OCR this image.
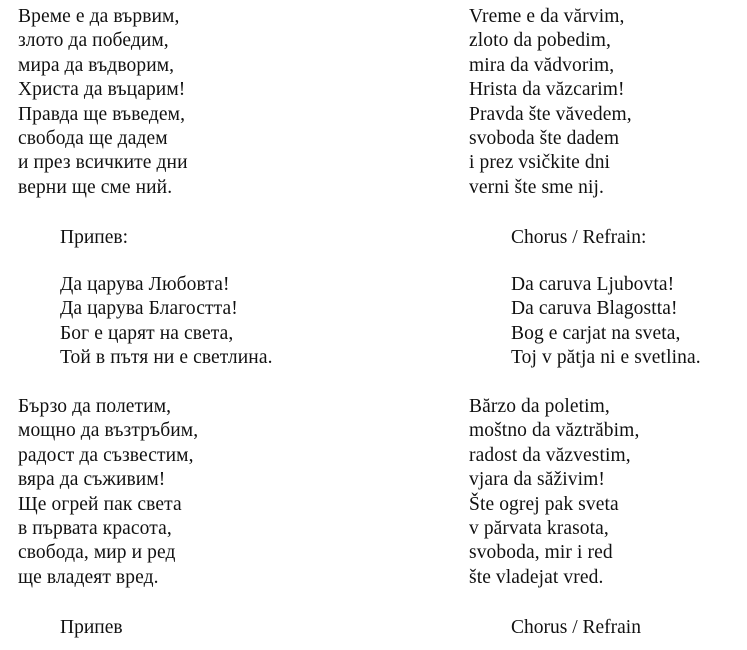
Време е да вървим,
злото да победим,
мира да въдворим,
Христа да въцарим!
Правда ще въведем,
свобода ще дадем
и през всичките дни
верни ще сме ний.
Припев:
Да царува Любовта!
Да царува Благостта!
Бог е царят на света,
Той в пътя ни е светлина.
Бързо да полетим,
мощно да възтръбим,
радост да съзвестим,
вяра да съживим!
Ще огрей пак света
в първата красота,
свобода, мир и ред
ще владеят вред.
Припев
Vreme e da vărvim,
zloto da pobedim,
mira da vădvorim,
Hrista da văzcarim!
Pravda šte văvedem,
svoboda šte dadem
i prez vsičkite dni
verni šte sme nij.
Chorus / Refrain:
Da caruva Ljubovta!
Da caruva Blagostta!
Bog e carjat na sveta,
Toj v pătja ni e svetlina.
Bărzo da poletim,
moštno da văztrăbim,
radost da văzvestim,
vjara da săživim!
Šte ogrej pak sveta
v părvata krasota,
svoboda, mir i red
šte vladejat vred.
Chorus / Refrain
